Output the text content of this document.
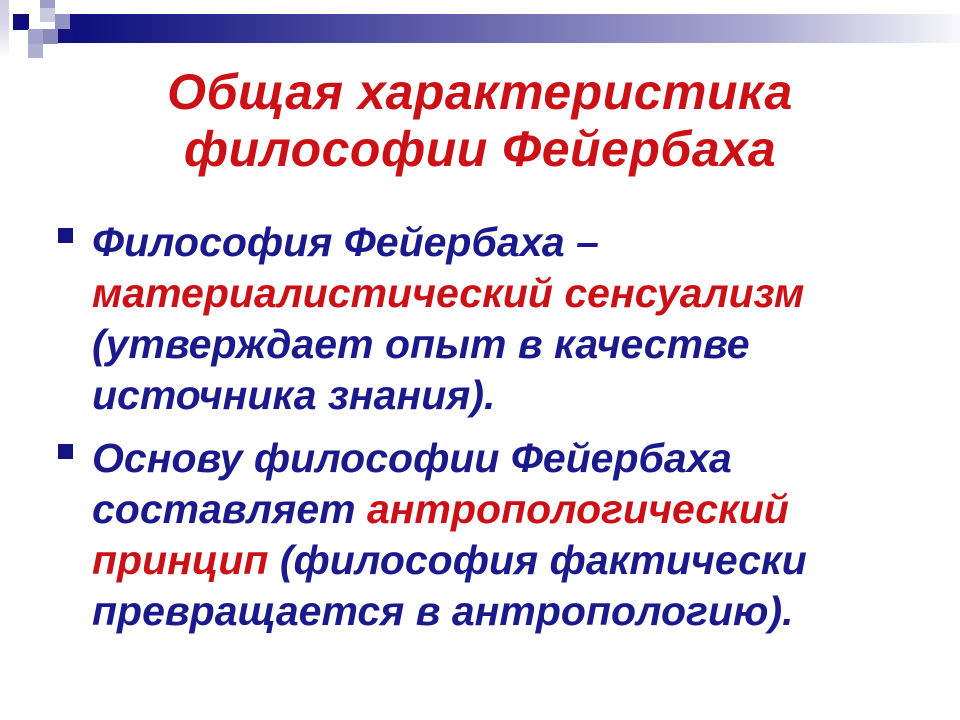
Общая характеристика
философии Фейербаха
Философия Фейербаха –
материалистический сенсуализм
(утверждает опыт в качестве
источника знания).
Основу философии Фейербаха
составляет антропологический
принцип (философия фактически
превращается в антропологию).
